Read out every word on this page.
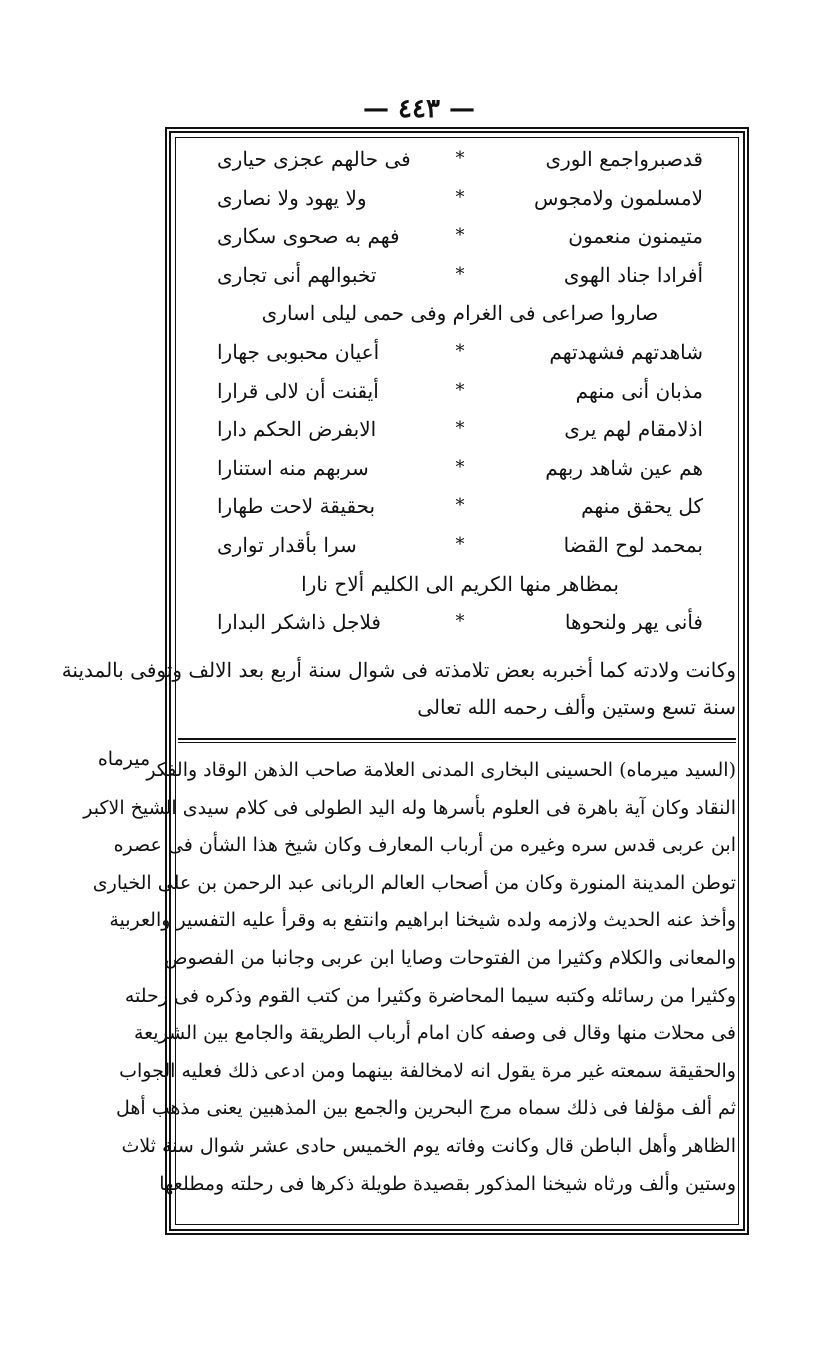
— ٤٤٣ —
قدصبرواجمع الورى
*
فى حالهم عجزى حيارى
لامسلمون ولامجوس
*
ولا يهود ولا نصارى
متيمنون منعمون
*
فهم به صحوى سكارى
أفرادا جناد الهوى
*
تخبوالهم أنى تجارى
صاروا صراعى فى الغرام وفى حمى ليلى اسارى
شاهدتهم فشهدتهم
*
أعيان محبوبى جهارا
مذبان أنى منهم
*
أيقنت أن لالى قرارا
اذلامقام لهم يرى
*
الابفرض الحكم دارا
هم عين شاهد ربهم
*
سربهم منه استنارا
كل يحقق منهم
*
بحقيقة لاحت طهارا
بمحمد لوح القضا
*
سرا بأقدار توارى
بمظاهر منها الكريم الى الكليم ألاح نارا
فأنى يهر ولنحوها
*
فلاجل ذاشكر البدارا
وكانت ولادته كما أخبربه بعض تلامذته فى شوال سنة أربع بعد الالف وتوفى بالمدينة
سنة تسع وستين وألف رحمه الله تعالى
ميرماه
(السيد ميرماه) الحسينى البخارى المدنى العلامة صاحب الذهن الوقاد والفكر
النقاد وكان آية باهرة فى العلوم بأسرها وله اليد الطولى فى كلام سيدى الشيخ الاكبر
ابن عربى قدس سره وغيره من أرباب المعارف وكان شيخ هذا الشأن فى عصره
توطن المدينة المنورة وكان من أصحاب العالم الربانى عبد الرحمن بن على الخيارى
وأخذ عنه الحديث ولازمه ولده شيخنا ابراهيم وانتفع به وقرأ عليه التفسير والعربية
والمعانى والكلام وكثيرا من الفتوحات وصايا ابن عربى وجانبا من الفصوص
وكثيرا من رسائله وكتبه سيما المحاضرة وكثيرا من كتب القوم وذكره فى رحلته
فى محلات منها وقال فى وصفه كان امام أرباب الطريقة والجامع بين الشريعة
والحقيقة سمعته غير مرة يقول انه لامخالفة بينهما ومن ادعى ذلك فعليه الجواب
ثم ألف مؤلفا فى ذلك سماه مرج البحرين والجمع بين المذهبين يعنى مذهب أهل
الظاهر وأهل الباطن قال وكانت وفاته يوم الخميس حادى عشر شوال سنة ثلاث
وستين وألف ورثاه شيخنا المذكور بقصيدة طويلة ذكرها فى رحلته ومطلعها
